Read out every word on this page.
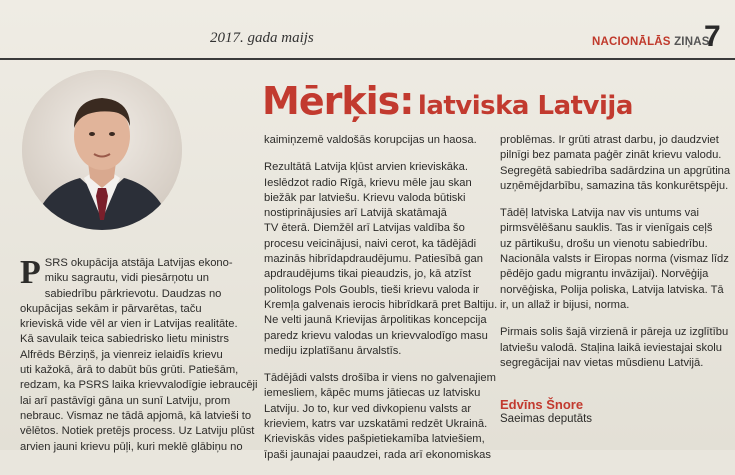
2017. gada maijs	NACIONĀLĀS ZIŅAS
7
Mērķis: latviska Latvija

P SRS okupācija atstāja Latvijas ekono-
miku sagrautu, vidi piesārņotu un
sabiedrību pārkrievotu. Daudzas no
okupācijas sekām ir pārvarētas, taču
krieviskā vide vēl ar vien ir Latvijas realitāte.
Kā savulaik teica sabiedriskо lietu ministrs
Alfrēds Bērziņš, ja vienreiz ielaidīs krievu
uti kažokā, ārā to dabūt būs grūti. Patiešām,
redzam, ka PSRS laika krievvalodīgie iebraucēji
lai arī pastāvīgi gāna un sunī Latviju, prom
nebrauc. Vismaz ne tādā apjomā, kā latvieši to
vēlētos. Notiek pretējs process. Uz Latviju plūst
arvien jauni krievu pūļi, kuri meklē glābiņu no

kaimiņzemē valdošās korupcijas un haosa.

Rezultātā Latvija kļūst arvien krieviskāka.
Ieslēdzot radio Rīgā, krievu mēle jau skan
biežāk par latviešu. Krievu valoda būtiski
nostiprinājusies arī Latvijā skatāmajā
TV ēterā. Diemžēl arī Latvijas valdība šo
procesu veicinājusi, naivi cerot, ka tādējādi
mazinās hibrīdapdraudējumu. Patiesībā gan
apdraudējums tikai pieaudzis, jo, kā atzīst
politologs Pols Goubls, tieši krievu valoda ir
Kremļa galvenais ierocis hibrīdkarā pret Baltiju.
Ne velti jaunā Krievijas ārpolitikas koncepcija
paredz krievu valodas un krievvalodīgo masu
mediju izplatīšanu ārvalstīs.

Tādējādi valsts drošība ir viens no galvenajiem
iemesliem, kāpēc mums jātiecas uz latvisku
Latviju. Jo to, kur ved divkopienu valsts ar
krieviem, katrs var uzskatāmi redzēt Ukrainā.
Krieviskās vides pašpietiekamība latviešiem,
īpaši jaunajai paaudzei, rada arī ekonomiskas

problēmas. Ir grūti atrast darbu, jo daudzviet
pilnīgi bez pamata paģēr zināt krievu valodu.
Segregētā sabiedrība sadārdzina un apgrūtina
uzņēmējdarbību, samazina tās konkurētspēju.

Tādēļ latviska Latvija nav vis untums vai
pirmsvēlēšanu sauklis. Tas ir vienīgais ceļš
uz pārtikušu, drošu un vienotu sabiedrību.
Nacionāla valsts ir Eiropas norma (vismaz līdz
pēdējo gadu migrantu invāzijai). Norvēģija
norvēģiska, Polija poliska, Latvija latviska. Tā
ir, un allaž ir bijusi, norma.

Pirmais solis šajā virzienā ir pāreja uz izglītību
latviešu valodā. Staļina laikā ieviestajai skolu
segregācijai nav vietas mūsdienu Latvijā.

Edvīns Šnore
Saeimas deputāts
